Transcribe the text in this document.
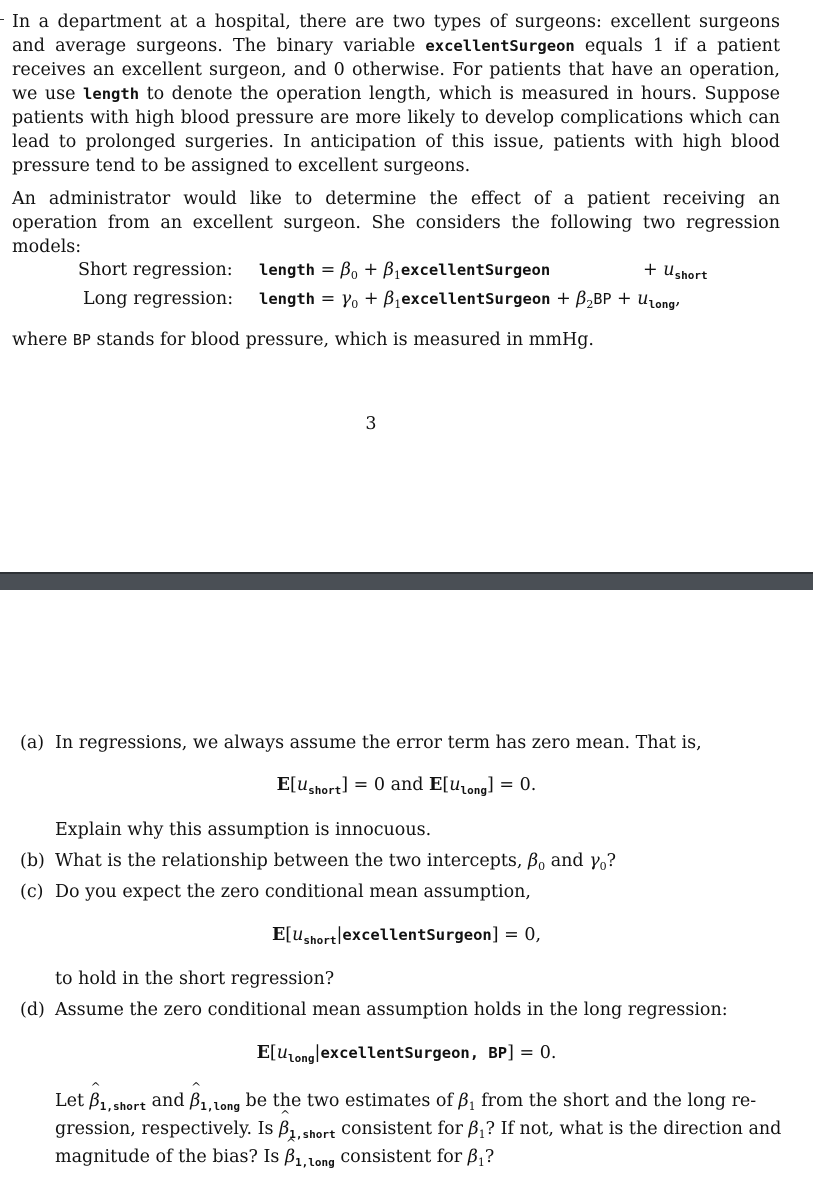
In a department at a hospital, there are two types of surgeons: excellent surgeons and average surgeons. The binary variable excellentSurgeon equals 1 if a patient receives an excellent surgeon, and 0 otherwise. For patients that have an operation, we use length to denote the operation length, which is measured in hours. Suppose patients with high blood pressure are more likely to develop complications which can lead to prolonged surgeries. In anticipation of this issue, patients with high blood pressure tend to be assigned to excellent surgeons.

An administrator would like to determine the effect of a patient receiving an operation from an excellent surgeon. She considers the following two regression models:

Short regression: length = $\beta_0$ + $\beta_1excellentSurgeon$	+ $u_{short}$
Long regression: length = $\gamma_0$ + $\beta_1excellentSurgeon + \beta_2BP + u_{long}$,

where BP stands for blood pressure, which is measured in mmHg.

3
(a) In regressions, we always assume the error term has zero mean. That is,
$E[u_{short}] = 0$ and $E[u_{long}] = 0$.
Explain why this assumption is innocuous.
(b) What is the relationship between the two intercepts, $\beta_0$ and $\gamma_0$?
(c) Do you expect the zero conditional mean assumption,
$E[u_{short}|excellentSurgeon] = 0$,
to hold in the short regression?
(d) Assume the zero conditional mean assumption holds in the long regression:
$E[u_{long}|excellentSurgeon$, BP] = 0.
Let ^ $\beta_{1,short}$ and ^ $\beta_{1,long}$ be the two estimates of $\beta_1$ from the short and the long re-
gression, respectively. Is ^ $\beta_{1,short}$ consistent for $\beta_1$? If not, what is the direction and
magnitude of the bias? Is ^ $\beta_{1,long}$ consistent for $\beta_1$?
